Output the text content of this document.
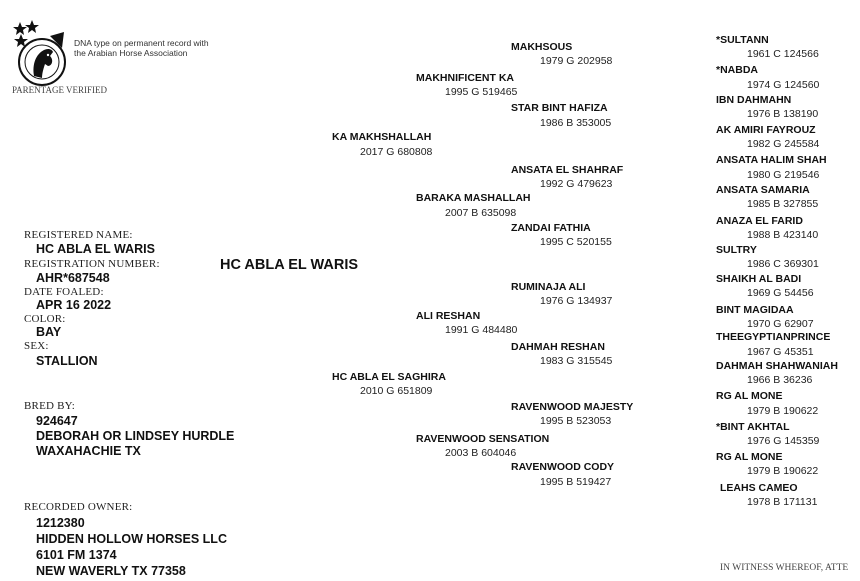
PARENTAGE VERIFIED
DNA type on permanent record with
the Arabian Horse Association
REGISTERED NAME:
HC ABLA EL WARIS
REGISTRATION NUMBER:
AHR*687548
DATE FOALED:
APR 16 2022
COLOR:
BAY
SEX:
STALLION
BRED BY:
924647
DEBORAH OR LINDSEY HURDLE
WAXAHACHIE TX
RECORDED OWNER:
1212380
HIDDEN HOLLOW HORSES LLC
6101 FM 1374
NEW WAVERLY TX 77358
HC ABLA EL WARIS
KA MAKHSHALLAH
2017 G 680808
HC ABLA EL SAGHIRA
2010 G 651809
MAKHNIFICENT KA
1995 G 519465
BARAKA MASHALLAH
2007 B 635098
ALI RESHAN
1991 G 484480
RAVENWOOD SENSATION
2003 B 604046
MAKHSOUS
1979 G 202958
STAR BINT HAFIZA
1986 B 353005
ANSATA EL SHAHRAF
1992 G 479623
ZANDAI FATHIA
1995 C 520155
RUMINAJA ALI
1976 G 134937
DAHMAH RESHAN
1983 G 315545
RAVENWOOD MAJESTY
1995 B 523053
RAVENWOOD CODY
1995 B 519427
*SULTANN
1961 C 124566
*NABDA
1974 G 124560
IBN DAHMAHN
1976 B 138190
AK AMIRI FAYROUZ
1982 G 245584
ANSATA HALIM SHAH
1980 G 219546
ANSATA SAMARIA
1985 B 327855
ANAZA EL FARID
1988 B 423140
SULTRY
1986 C 369301
SHAIKH AL BADI
1969 G 54456
BINT MAGIDAA
1970 G 62907
THEEGYPTIANPRINCE
1967 G 45351
DAHMAH SHAHWANIAH
1966 B 36236
RG AL MONE
1979 B 190622
*BINT AKHTAL
1976 G 145359
RG AL MONE
1979 B 190622
LEAHS CAMEO
1978 B 171131
IN WITNESS WHEREOF, ATTE
